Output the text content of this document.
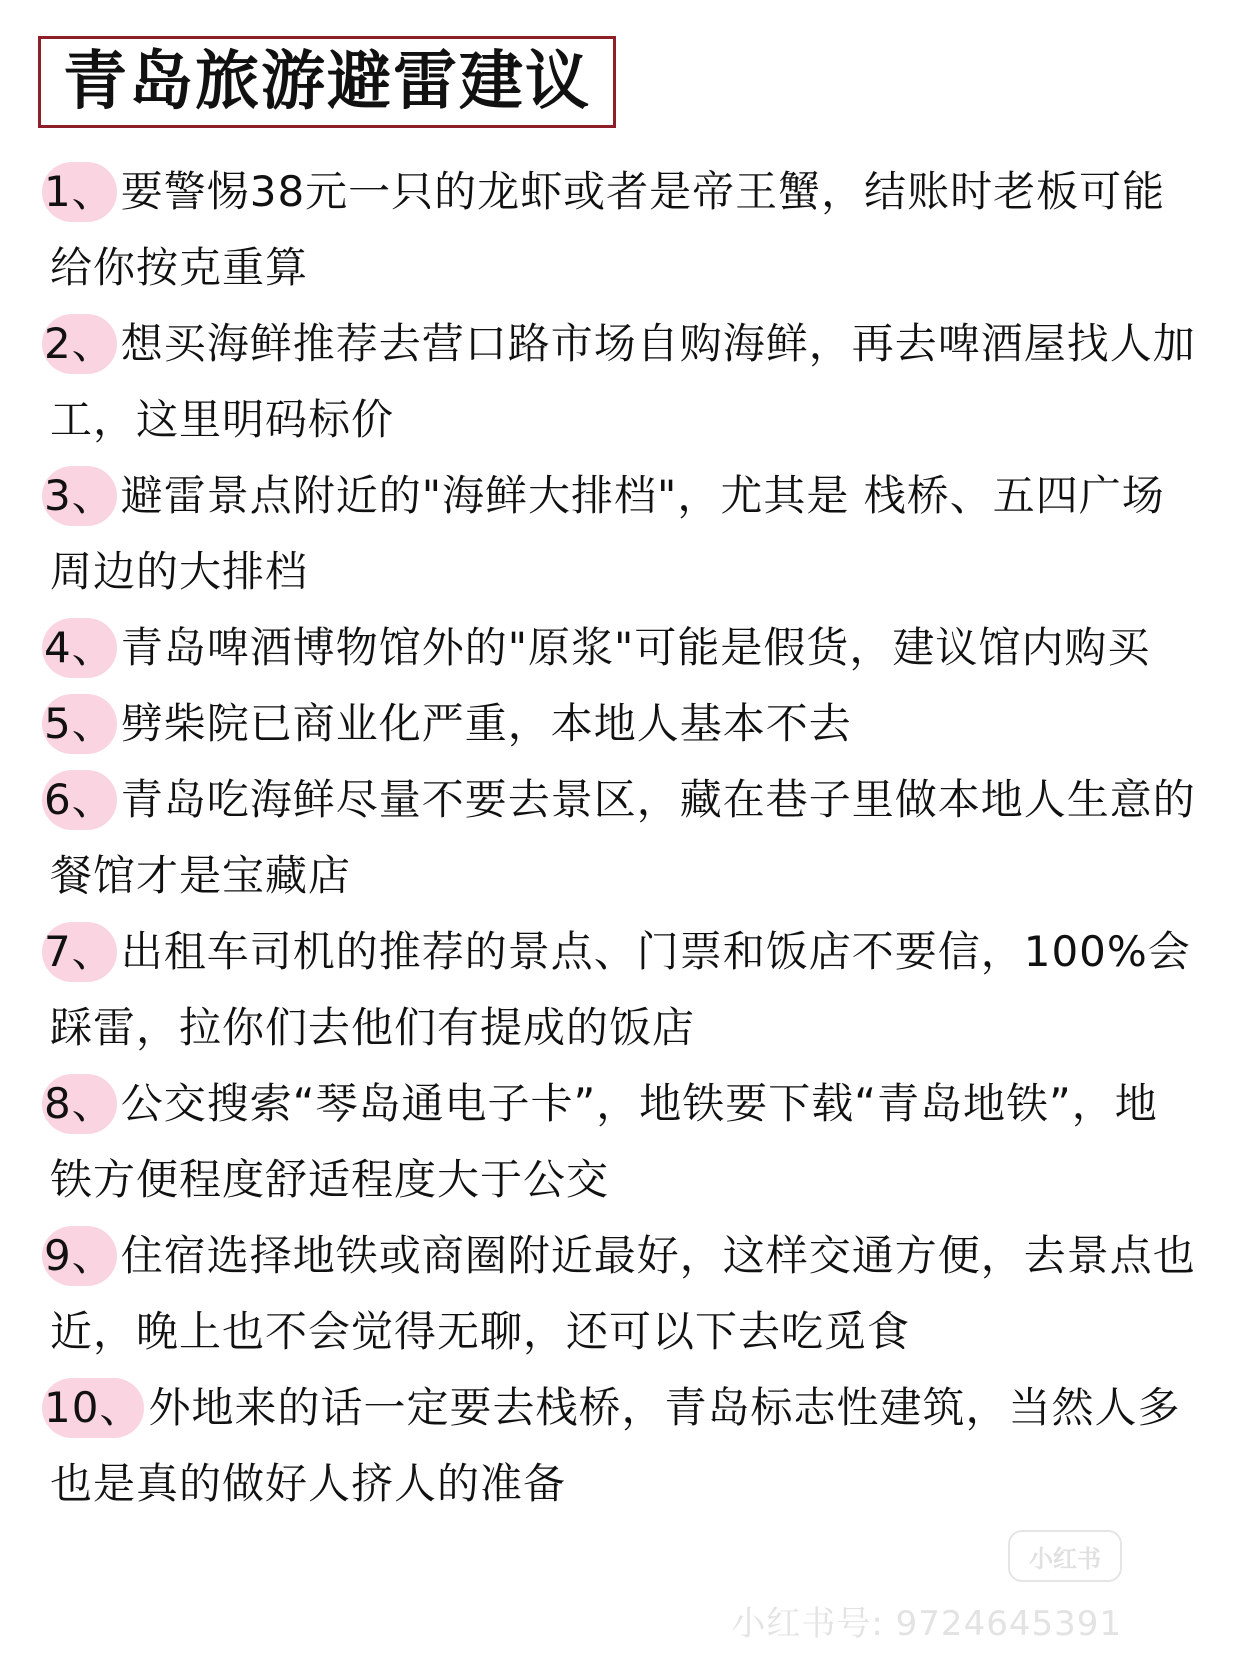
青岛旅游避雷建议

1、 要警惕38元一只的龙虾或者是帝王蟹，结账时老板可能给你按克重算

2、 想买海鲜推荐去营口路市场自购海鲜，再去啤酒屋找人加工，这里明码标价

3、 避雷景点附近的"海鲜大排档"，尤其是 栈桥、五四广场周边的大排档

4、 青岛啤酒博物馆外的"原浆"可能是假货，建议馆内购买

5、 劈柴院已商业化严重，本地人基本不去

6、 青岛吃海鲜尽量不要去景区，藏在巷子里做本地人生意的餐馆才是宝藏店

7、 出租车司机的推荐的景点、门票和饭店不要信，100%会踩雷，拉你们去他们有提成的饭店

8、 公交搜索“琴岛通电子卡”，地铁要下载“青岛地铁”，地铁方便程度舒适程度大于公交

9、 住宿选择地铁或商圈附近最好，这样交通方便，去景点也近，晚上也不会觉得无聊，还可以下去吃觅食

10、 外地来的话一定要去栈桥，青岛标志性建筑，当然人多也是真的做好人挤人的准备

小红书
小红书号: 9724645391
